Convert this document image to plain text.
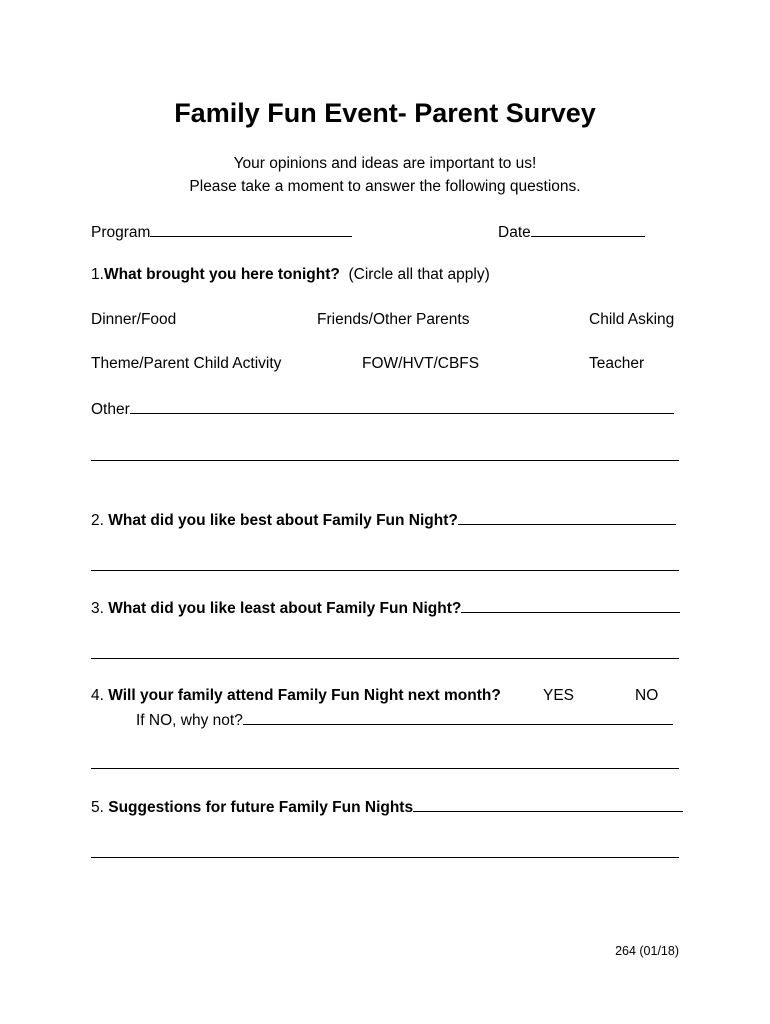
Family Fun Event- Parent Survey
Your opinions and ideas are important to us!
Please take a moment to answer the following questions.
Program	Date
1.What brought you here tonight? (Circle all that apply)
Dinner/Food	Friends/Other Parents	Child Asking
Theme/Parent Child Activity	FOW/HVT/CBFS	Teacher
Other
2. What did you like best about Family Fun Night?
3. What did you like least about Family Fun Night?
4. Will your family attend Family Fun Night next month?	YES	NO
If NO, why not?
5. Suggestions for future Family Fun Nights
264 (01/18)
